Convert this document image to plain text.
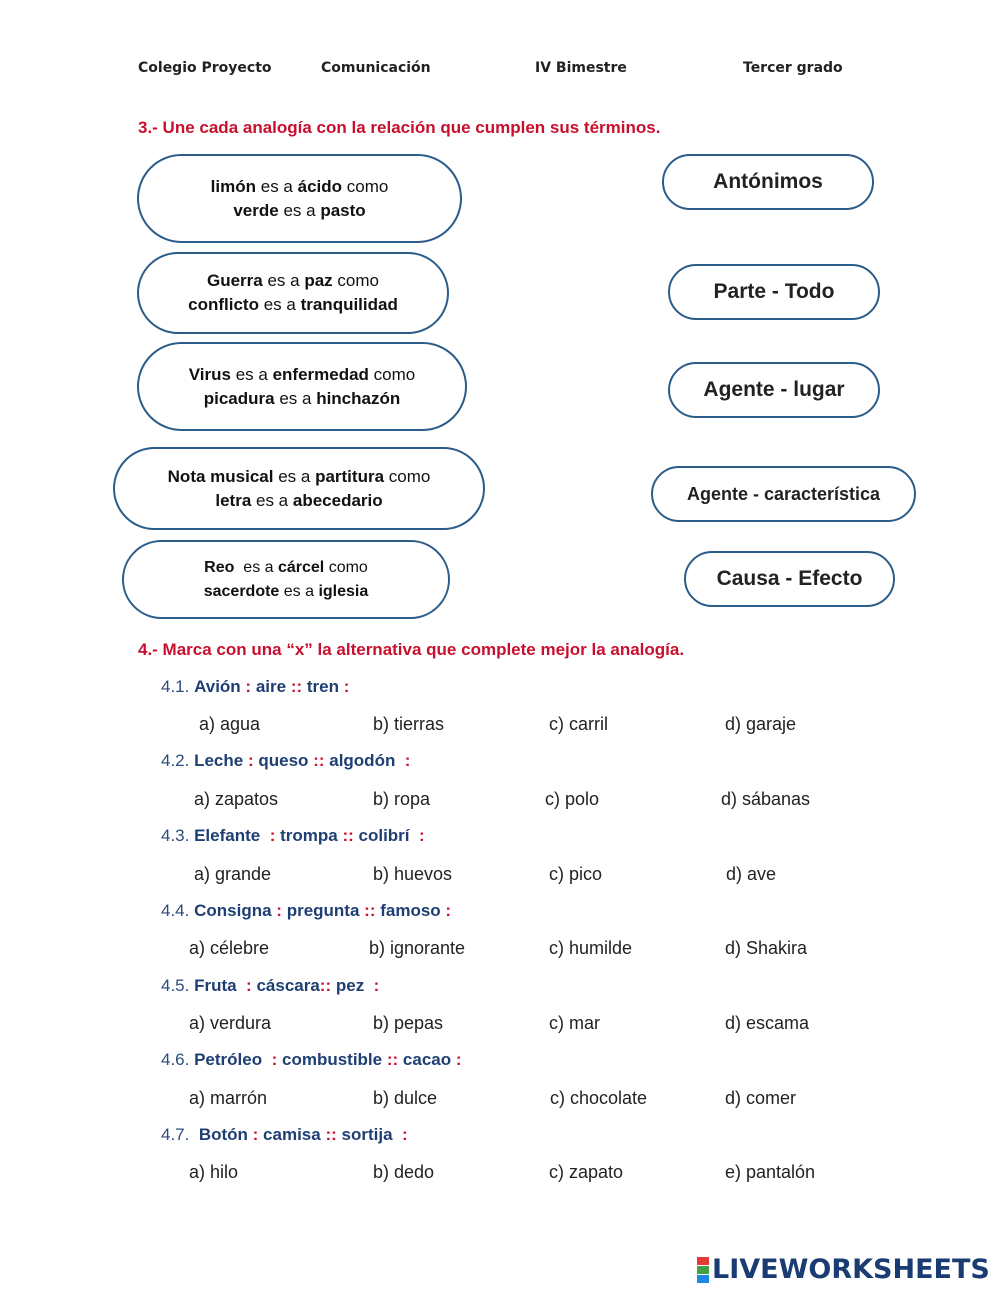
Colegio Proyecto	Comunicación	IV Bimestre	Tercer grado
3.- Une cada analogía con la relación que cumplen sus términos.
limón es a ácido como
verde es a pasto
Guerra es a paz como
conflicto es a tranquilidad
Virus es a enfermedad como
picadura es a hinchazón
Nota musical es a partitura como
letra es a abecedario
Reo  es a cárcel como
sacerdote es a iglesia
Antónimos
Parte - Todo
Agente - lugar
Agente - característica
Causa - Efecto
4.- Marca con una “x” la alternativa que complete mejor la analogía.
4.1. Avión : aire :: tren :
a) agua	b) tierras	c) carril	d) garaje
4.2. Leche : queso :: algodón :
a) zapatos	b) ropa	c) polo	d) sábanas
4.3. Elefante : trompa :: colibrí :
a) grande	b) huevos	c) pico	d) ave
4.4. Consigna : pregunta :: famoso :
a) célebre	b) ignorante	c) humilde	d) Shakira
4.5. Fruta : cáscara:: pez :
a) verdura	b) pepas	c) mar	d) escama
4.6. Petróleo : combustible :: cacao :
a) marrón	b) dulce	c) chocolate	d) comer
4.7. Botón : camisa :: sortija :
a) hilo	b) dedo	c) zapato	e) pantalón
LIVEWORKSHEETS
